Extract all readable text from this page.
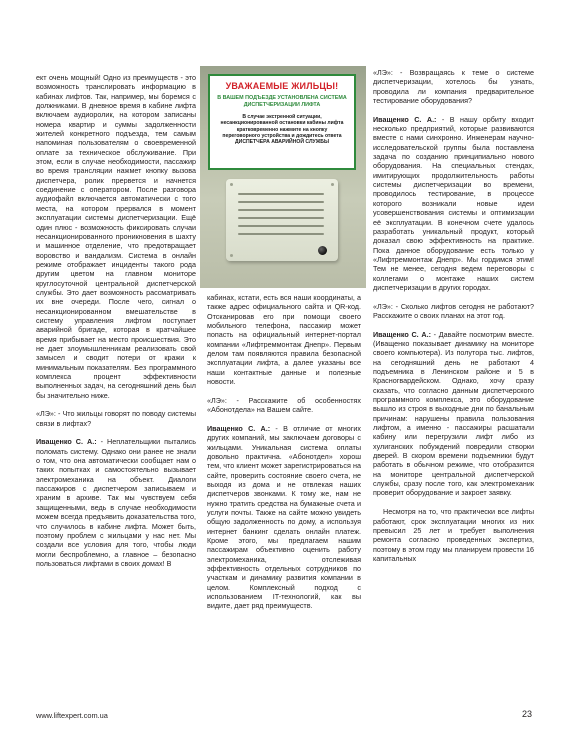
ект очень мощный! Одно из преимуществ - это возможность транслировать информацию в кабинах лифтов. Так, например, мы боремся с должниками. В дневное время в кабине лифта включаем аудиоролик, на котором записаны номера квартир и суммы задолженности жителей конкретного подъезда, тем самым напоминая пользователям о своевременной оплате за техническое обслуживание. При этом, если в случае необходимости, пассажир во время трансляции нажмет кнопку вызова диспетчера, ролик прервется и начнется соединение с оператором. После разговора аудиофайл включается автоматически с того места, на котором прервался в момент эксплуатации системы диспетчеризации. Ещё один плюс - возможность фиксировать случаи несанкционированного проникновения в шахту и машинное отделение, что предотвращает воровство и вандализм. Система в онлайн режиме отображает инциденты такого рода другим цветом на главном мониторе круглосуточной центральной диспетчерской службы. Это дает возможность рассматривать их вне очереди. После чего, сигнал о несанкционированном вмешательстве в систему управления лифтом поступает аварийной бригаде, которая в кратчайшее время прибывает на место происшествия. Это не дает злоумышленникам реализовать свой замысел и сводит потери от кражи к минимальным показателям. Без программного комплекса процент эффективности выполненных задач, на сегодняшний день был бы значительно ниже.

«ЛЭ»: - Что жильцы говорят по поводу системы связи в лифтах?

Иващенко С. А.: - Неплательщики пытались поломать систему. Однако они ранее не знали о том, что она автоматически сообщает нам о таких попытках и самостоятельно вызывает электромеханика на объект. Диалоги пассажиров с диспетчером записываем и храним в архиве. Так мы чувствуем себя защищенными, ведь в случае необходимости можем всегда предъявить доказательства того, что случилось в кабине лифта. Может быть, поэтому проблем с жильцами у нас нет. Мы создали все условия для того, чтобы люди могли беспроблемно, а главное – безопасно пользоваться лифтами в своих домах! В

УВАЖАЕМЫЕ ЖИЛЬЦЫ!
В ВАШЕМ ПОДЪЕЗДЕ УСТАНОВЛЕНА СИСТЕМА ДИСПЕТЧЕРИЗАЦИИ ЛИФТА
В случае экстренной ситуации, несанкционированной остановки кабины лифта кратковременно нажмите на кнопку переговорного устройства и дождитесь ответа ДИСПЕТЧЕРА АВАРИЙНОЙ СЛУЖБЫ

кабинах, кстати, есть вся наши координаты, а также адрес официального сайта и QR-код. Отсканировав его при помощи своего мобильного телефона, пассажир может попасть на официальный интернет-портал компании «Лифтреммонтаж Днепр». Первым делом там появляются правила безопасной эксплуатации лифта, а далее указаны все наши контактные данные и полезные новости.

«ЛЭ»: - Расскажите об особенностях «Абонотдела» на Вашем сайте.

Иващенко С. А.: - В отличие от многих других компаний, мы заключаем договоры с жильцами. Уникальная система оплаты довольно практична. «Абонотдел» хорош тем, что клиент может зарегистрироваться на сайте, проверить состояние своего счета, не выходя из дома и не отвлекая наших диспетчеров звонками. К тому же, нам не нужно тратить средства на бумажные счета и услуги почты. Также на сайте можно увидеть общую задолженность по дому, а используя интернет банкинг сделать онлайн платеж. Кроме этого, мы предлагаем нашим пассажирам объективно оценить работу электромеханика, отслеживая эффективность отдельных сотрудников по участкам и динамику развития компании в целом. Комплексный подход с использованием IT-технологий, как вы видите, дает ряд преимуществ.

«ЛЭ»: - Возвращаясь к теме о системе диспетчеризации, хотелось бы узнать, проводила ли компания предварительное тестирование оборудования?

Иващенко С. А.: - В нашу орбиту входит несколько предприятий, которые развиваются вместе с нами синхронно. Инженерам научно-исследовательской группы была поставлена задача по созданию принципиально нового оборудования. На специальных стендах, имитирующих продолжительность работы системы диспетчеризации во времени, проводилось тестирование, в процессе которого возникали новые идеи усовершенствования системы и оптимизации её эксплуатации. В конечном счете удалось разработать уникальный продукт, который доказал свою эффективность на практике. Пока данное оборудование есть только у «Лифтреммонтаж Днепр». Мы гордимся этим! Тем не менее, сегодня ведем переговоры с коллегами о монтаже наших систем диспетчеризации в других городах.

«ЛЭ»: - Сколько лифтов сегодня не работают? Расскажите о своих планах на этот год.

Иващенко С. А.: - Давайте посмотрим вместе. (Иващенко показывает динамику на мониторе своего компьютера). Из полутора тыс. лифтов, на сегодняшний день не работают 4 подъемника в Ленинском районе и 5 в Красногвардейском. Однако, хочу сразу сказать, что согласно данным диспетчерского программного комплекса, это оборудование вышло из строя в выходные дни по банальным причинам: нарушены правила пользования лифтом, а именно - пассажиры расшатали кабину или перегрузили лифт либо из хулиганских побуждений повредили створки дверей. В скором времени подъемники будут работать в обычном режиме, что отобразится на мониторе центральной диспетчерской службы, сразу после того, как электромеханик проверит оборудование и закроет заявку.

Несмотря на то, что практически все лифты работают, срок эксплуатации многих из них превысил 25 лет и требует выполнения ремонта согласно проведенных экспертиз, поэтому в этом году мы планируем провести 16 капитальных

www.liftexpert.com.ua	23
